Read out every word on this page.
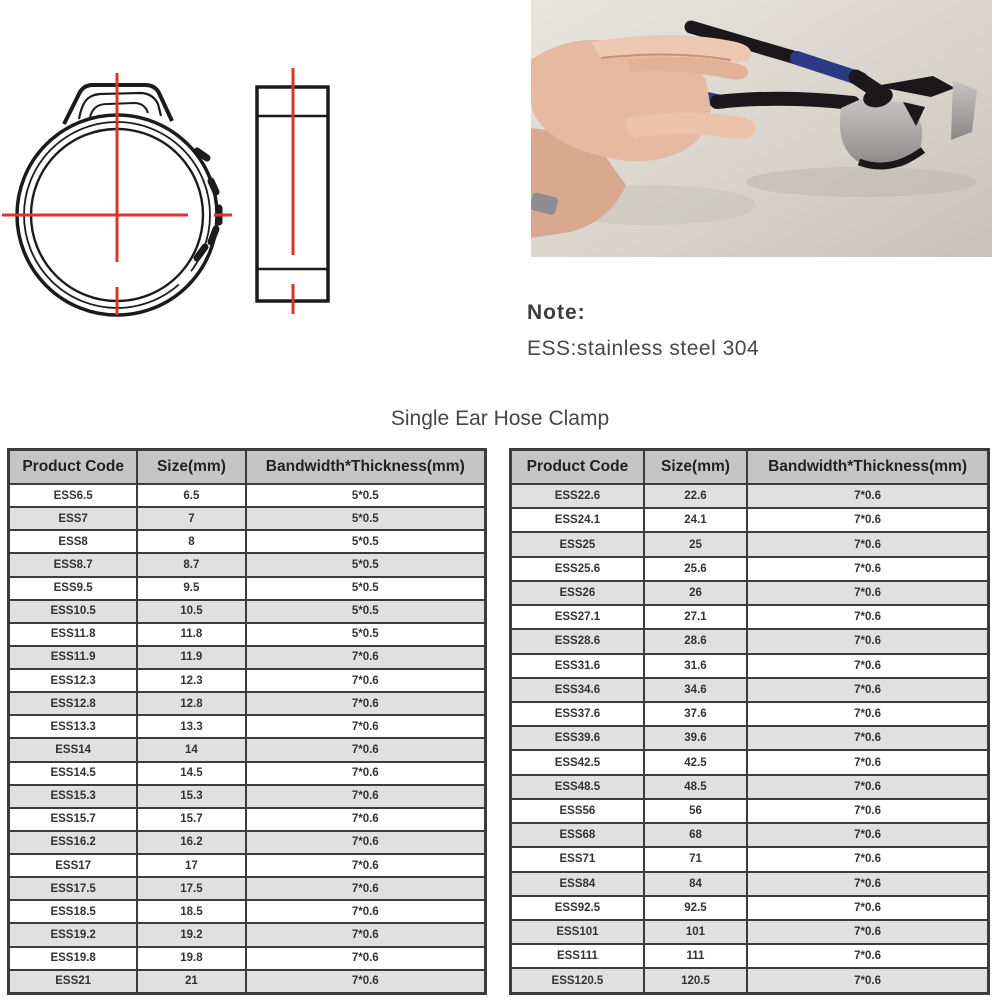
Note:
ESS:stainless steel 304
Single Ear Hose Clamp
Product Code	Size(mm)	Bandwidth*Thickness(mm)
ESS6.5	6.5	5*0.5
ESS7	7	5*0.5
ESS8	8	5*0.5
ESS8.7	8.7	5*0.5
ESS9.5	9.5	5*0.5
ESS10.5	10.5	5*0.5
ESS11.8	11.8	5*0.5
ESS11.9	11.9	7*0.6
ESS12.3	12.3	7*0.6
ESS12.8	12.8	7*0.6
ESS13.3	13.3	7*0.6
ESS14	14	7*0.6
ESS14.5	14.5	7*0.6
ESS15.3	15.3	7*0.6
ESS15.7	15.7	7*0.6
ESS16.2	16.2	7*0.6
ESS17	17	7*0.6
ESS17.5	17.5	7*0.6
ESS18.5	18.5	7*0.6
ESS19.2	19.2	7*0.6
ESS19.8	19.8	7*0.6
ESS21	21	7*0.6
Product Code	Size(mm)	Bandwidth*Thickness(mm)
ESS22.6	22.6	7*0.6
ESS24.1	24.1	7*0.6
ESS25	25	7*0.6
ESS25.6	25.6	7*0.6
ESS26	26	7*0.6
ESS27.1	27.1	7*0.6
ESS28.6	28.6	7*0.6
ESS31.6	31.6	7*0.6
ESS34.6	34.6	7*0.6
ESS37.6	37.6	7*0.6
ESS39.6	39.6	7*0.6
ESS42.5	42.5	7*0.6
ESS48.5	48.5	7*0.6
ESS56	56	7*0.6
ESS68	68	7*0.6
ESS71	71	7*0.6
ESS84	84	7*0.6
ESS92.5	92.5	7*0.6
ESS101	101	7*0.6
ESS111	111	7*0.6
ESS120.5	120.5	7*0.6
